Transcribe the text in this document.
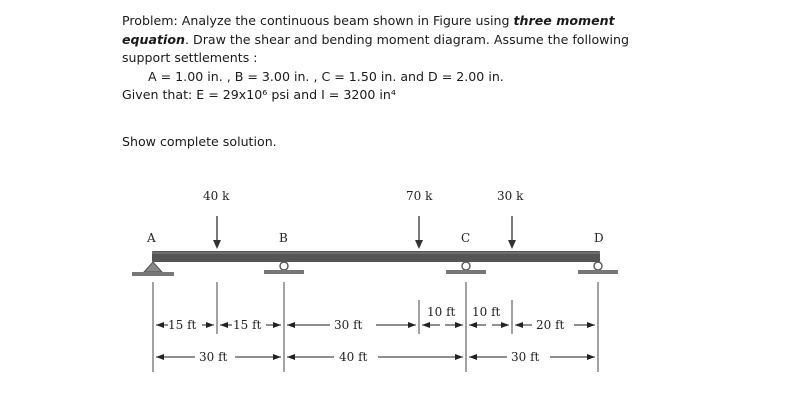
Problem: Analyze the continuous beam shown in Figure using three moment
equation. Draw the shear and bending moment diagram. Assume the following
support settlements :
A = 1.00 in. , B = 3.00 in. , C = 1.50 in. and D = 2.00 in.
Given that: E = 29x10⁶ psi and I = 3200 in⁴
Show complete solution.
A	B	C	D
40 k	70 k	30 k
15 ft	15 ft	30 ft
10 ft 10 ft
20 ft
30 ft	40 ft	30 ft
